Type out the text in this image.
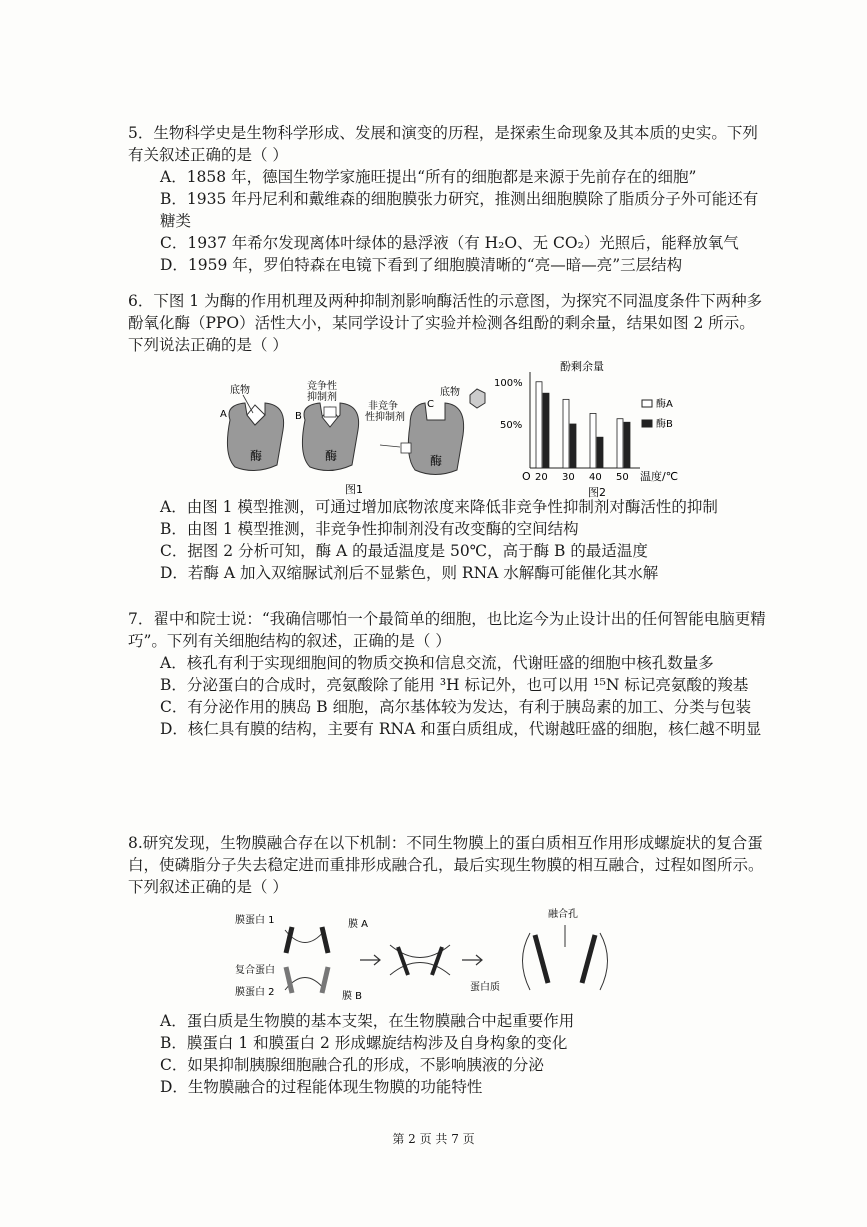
5．生物科学史是生物科学形成、发展和演变的历程，是探索生命现象及其本质的史实。下列有关叙述正确的是（ ）

A．1858 年，德国生物学家施旺提出“所有的细胞都是来源于先前存在的细胞”

B．1935 年丹尼利和戴维森的细胞膜张力研究，推测出细胞膜除了脂质分子外可能还有糖类

C．1937 年希尔发现离体叶绿体的悬浮液（有 H₂O、无 CO₂）光照后，能释放氧气

D．1959 年，罗伯特森在电镜下看到了细胞膜清晰的“亮—暗—亮”三层结构

6．下图 1 为酶的作用机理及两种抑制剂影响酶活性的示意图，为探究不同温度条件下两种多酚氧化酶（PPO）活性大小，某同学设计了实验并检测各组酚的剩余量，结果如图 2 所示。下列说法正确的是（ ）

酶
底物
A
酶
竞争性 抑制剂
B
酶
非竞争 性抑制剂
C
底物
图1
酚剩余量
O
100%
50%
20 30 40 50 温度/℃
酶A
酶B
图2

A．由图 1 模型推测，可通过增加底物浓度来降低非竞争性抑制剂对酶活性的抑制

B．由图 1 模型推测，非竞争性抑制剂没有改变酶的空间结构

C．据图 2 分析可知，酶 A 的最适温度是 50℃，高于酶 B 的最适温度

D．若酶 A 加入双缩脲试剂后不显紫色，则 RNA 水解酶可能催化其水解

7．翟中和院士说：“我确信哪怕一个最简单的细胞，也比迄今为止设计出的任何智能电脑更精巧”。下列有关细胞结构的叙述，正确的是（ ）

A．核孔有利于实现细胞间的物质交换和信息交流，代谢旺盛的细胞中核孔数量多

B．分泌蛋白的合成时，亮氨酸除了能用 ³H 标记外，也可以用 ¹⁵N 标记亮氨酸的羧基

C．有分泌作用的胰岛 B 细胞，高尔基体较为发达，有利于胰岛素的加工、分类与包装

D．核仁具有膜的结构，主要有 RNA 和蛋白质组成，代谢越旺盛的细胞，核仁越不明显

8.研究发现，生物膜融合存在以下机制：不同生物膜上的蛋白质相互作用形成螺旋状的复合蛋白，使磷脂分子失去稳定进而重排形成融合孔，最后实现生物膜的相互融合，过程如图所示。下列叙述正确的是（ ）

膜蛋白 1
复合蛋白
膜蛋白 2
膜 A
膜 B
蛋白质
融合孔

A．蛋白质是生物膜的基本支架，在生物膜融合中起重要作用

B．膜蛋白 1 和膜蛋白 2 形成螺旋结构涉及自身构象的变化

C．如果抑制胰腺细胞融合孔的形成，不影响胰液的分泌

D．生物膜融合的过程能体现生物膜的功能特性

第 2 页 共 7 页
